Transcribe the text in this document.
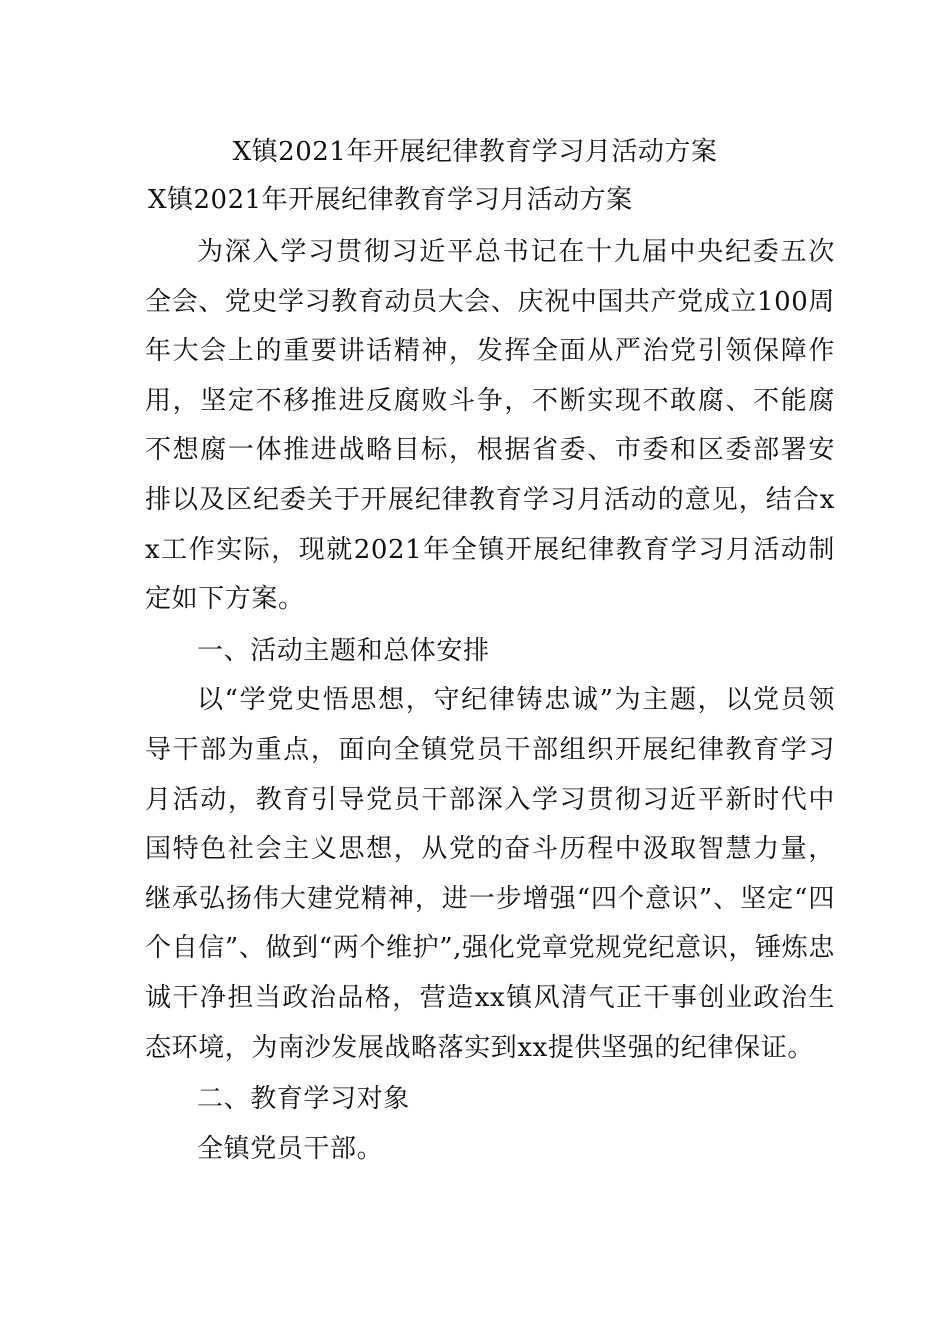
X镇2021年开展纪律教育学习月活动方案

X镇2021年开展纪律教育学习月活动方案

为深入学习贯彻习近平总书记在十九届中央纪委五次全会、党史学习教育动员大会、庆祝中国共产党成立100周年大会上的重要讲话精神，发挥全面从严治党引领保障作用，坚定不移推进反腐败斗争，不断实现不敢腐、不能腐不想腐一体推进战略目标，根据省委、市委和区委部署安排以及区纪委关于开展纪律教育学习月活动的意见，结合xx工作实际，现就2021年全镇开展纪律教育学习月活动制定如下方案。

一、活动主题和总体安排

以“学党史悟思想，守纪律铸忠诚”为主题，以党员领导干部为重点，面向全镇党员干部组织开展纪律教育学习月活动，教育引导党员干部深入学习贯彻习近平新时代中国特色社会主义思想，从党的奋斗历程中汲取智慧力量，继承弘扬伟大建党精神，进一步增强“四个意识”、坚定“四个自信”、做到“两个维护”,强化党章党规党纪意识，锤炼忠诚干净担当政治品格，营造xx镇风清气正干事创业政治生态环境，为南沙发展战略落实到xx提供坚强的纪律保证。

二、教育学习对象

全镇党员干部。
